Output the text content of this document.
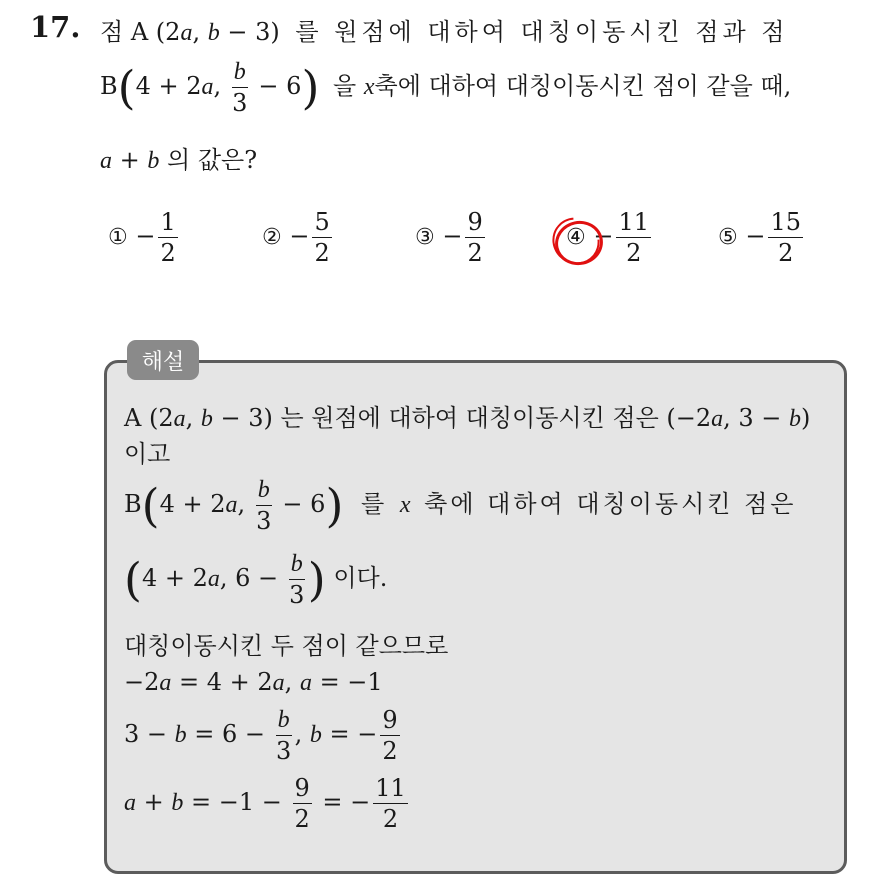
17. 점 A (2a, b − 3) 를 원점에 대하여 대칭이동시킨 점과 점
B(4 + 2a, $\frac{b}{3} - 6$) 을 x축에 대하여 대칭이동시킨 점이 같을 때,
a + b 의 값은?
① − $\frac{1}{2}$	② − $\frac{5}{2}$	③ − $\frac{9}{2}$	④ − $\frac{11}{2}$	⑤ − $\frac{15}{2}$
해설
A (2a, b − 3) 는 원점에 대하여 대칭이동시킨 점은 (−2a, 3 − b)
이고
B(4 + 2a, $\frac{b}{3} - 6$) 를 x 축에 대하여 대칭이동시킨 점은
(4 + 2a, $6 - \frac{b}{3}$ ) 이다.
대칭이동시킨 두 점이 같으므로
−2a = 4 + 2a, a = −1
$3 - b = 6 - \frac{b}{3}$ , b = − $\frac{9}{2}$
$a + b = -1 - \frac{9}{2}$ = − $\frac{11}{2}$
